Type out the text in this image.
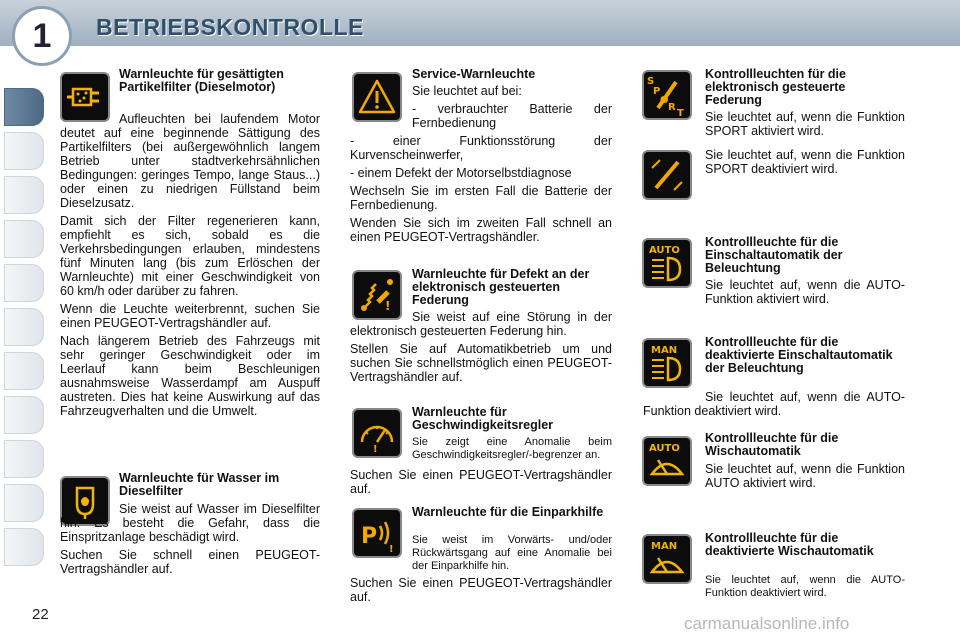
BETRIEBSKONTROLLE
1
Warnleuchte für gesättigten Partikelfilter (Dieselmotor)

Aufleuchten bei laufendem Motor deutet auf eine beginnende Sättigung des Partikelfilters (bei außergewöhnlich langem Betrieb unter stadtverkehrsähnlichen Bedingungen: geringes Tempo, lange Staus...) oder einen zu niedrigen Füllstand beim Dieselzusatz.

Damit sich der Filter regenerieren kann, empfiehlt es sich, sobald es die Verkehrsbedingungen erlauben, mindestens fünf Minuten lang (bis zum Erlöschen der Warnleuchte) mit einer Geschwindigkeit von 60 km/h oder darüber zu fahren.

Wenn die Leuchte weiterbrennt, suchen Sie einen PEUGEOT-Vertragshändler auf.

Nach längerem Betrieb des Fahrzeugs mit sehr geringer Geschwindigkeit oder im Leerlauf kann beim Beschleunigen ausnahmsweise Wasserdampf am Auspuff austreten. Dies hat keine Auswirkung auf das Fahrzeugverhalten und die Umwelt.

Warnleuchte für Wasser im Dieselfilter

Sie weist auf Wasser im Dieselfilter hin. Es besteht die Gefahr, dass die Einspritzanlage beschädigt wird.

Suchen Sie schnell einen PEUGEOT-Vertragshändler auf.

Service-Warnleuchte

Sie leuchtet auf bei:

- verbrauchter Batterie der Fernbedienung

- einer Funktionsstörung der Kurvenscheinwerfer,

- einem Defekt der Motorselbstdiagnose

Wechseln Sie im ersten Fall die Batterie der Fernbedienung.

Wenden Sie sich im zweiten Fall schnell an einen PEUGEOT-Vertragshändler.

!
Warnleuchte für Defekt an der elektronisch gesteuerten Federung

Sie weist auf eine Störung in der elektronisch gesteuerten Federung hin.

Stellen Sie auf Automatikbetrieb um und suchen Sie schnellstmöglich einen PEUGEOT-Vertragshändler auf.

!
Warnleuchte für Geschwindigkeitsregler
Sie zeigt eine Anomalie beim Geschwindigkeitsregler/-begrenzer an.
Suchen Sie einen PEUGEOT-Vertragshändler auf.
P
!
Warnleuchte für die Einparkhilfe
Sie weist im Vorwärts- und/oder Rückwärtsgang auf eine Anomalie bei der Einparkhilfe hin.
Suchen Sie einen PEUGEOT-Vertragshändler auf.
S
P
O
R
T
Kontrollleuchten für die elektronisch gesteuerte Federung
Sie leuchtet auf, wenn die Funktion SPORT aktiviert wird.
Sie leuchtet auf, wenn die Funktion SPORT deaktiviert wird.
AUTO
Kontrollleuchte für die Einschaltautomatik der Beleuchtung
Sie leuchtet auf, wenn die AUTO-Funktion aktiviert wird.
MAN
Kontrollleuchte für die deaktivierte Einschaltautomatik der Beleuchtung

Sie leuchtet auf, wenn die AUTO-Funktion deaktiviert wird.

AUTO
Kontrollleuchte für die Wischautomatik
Sie leuchtet auf, wenn die Funktion AUTO aktiviert wird.
MAN
Kontrollleuchte für die deaktivierte Wischautomatik
Sie leuchtet auf, wenn die AUTO-Funktion deaktiviert wird.
22	carmanualsonline.info
